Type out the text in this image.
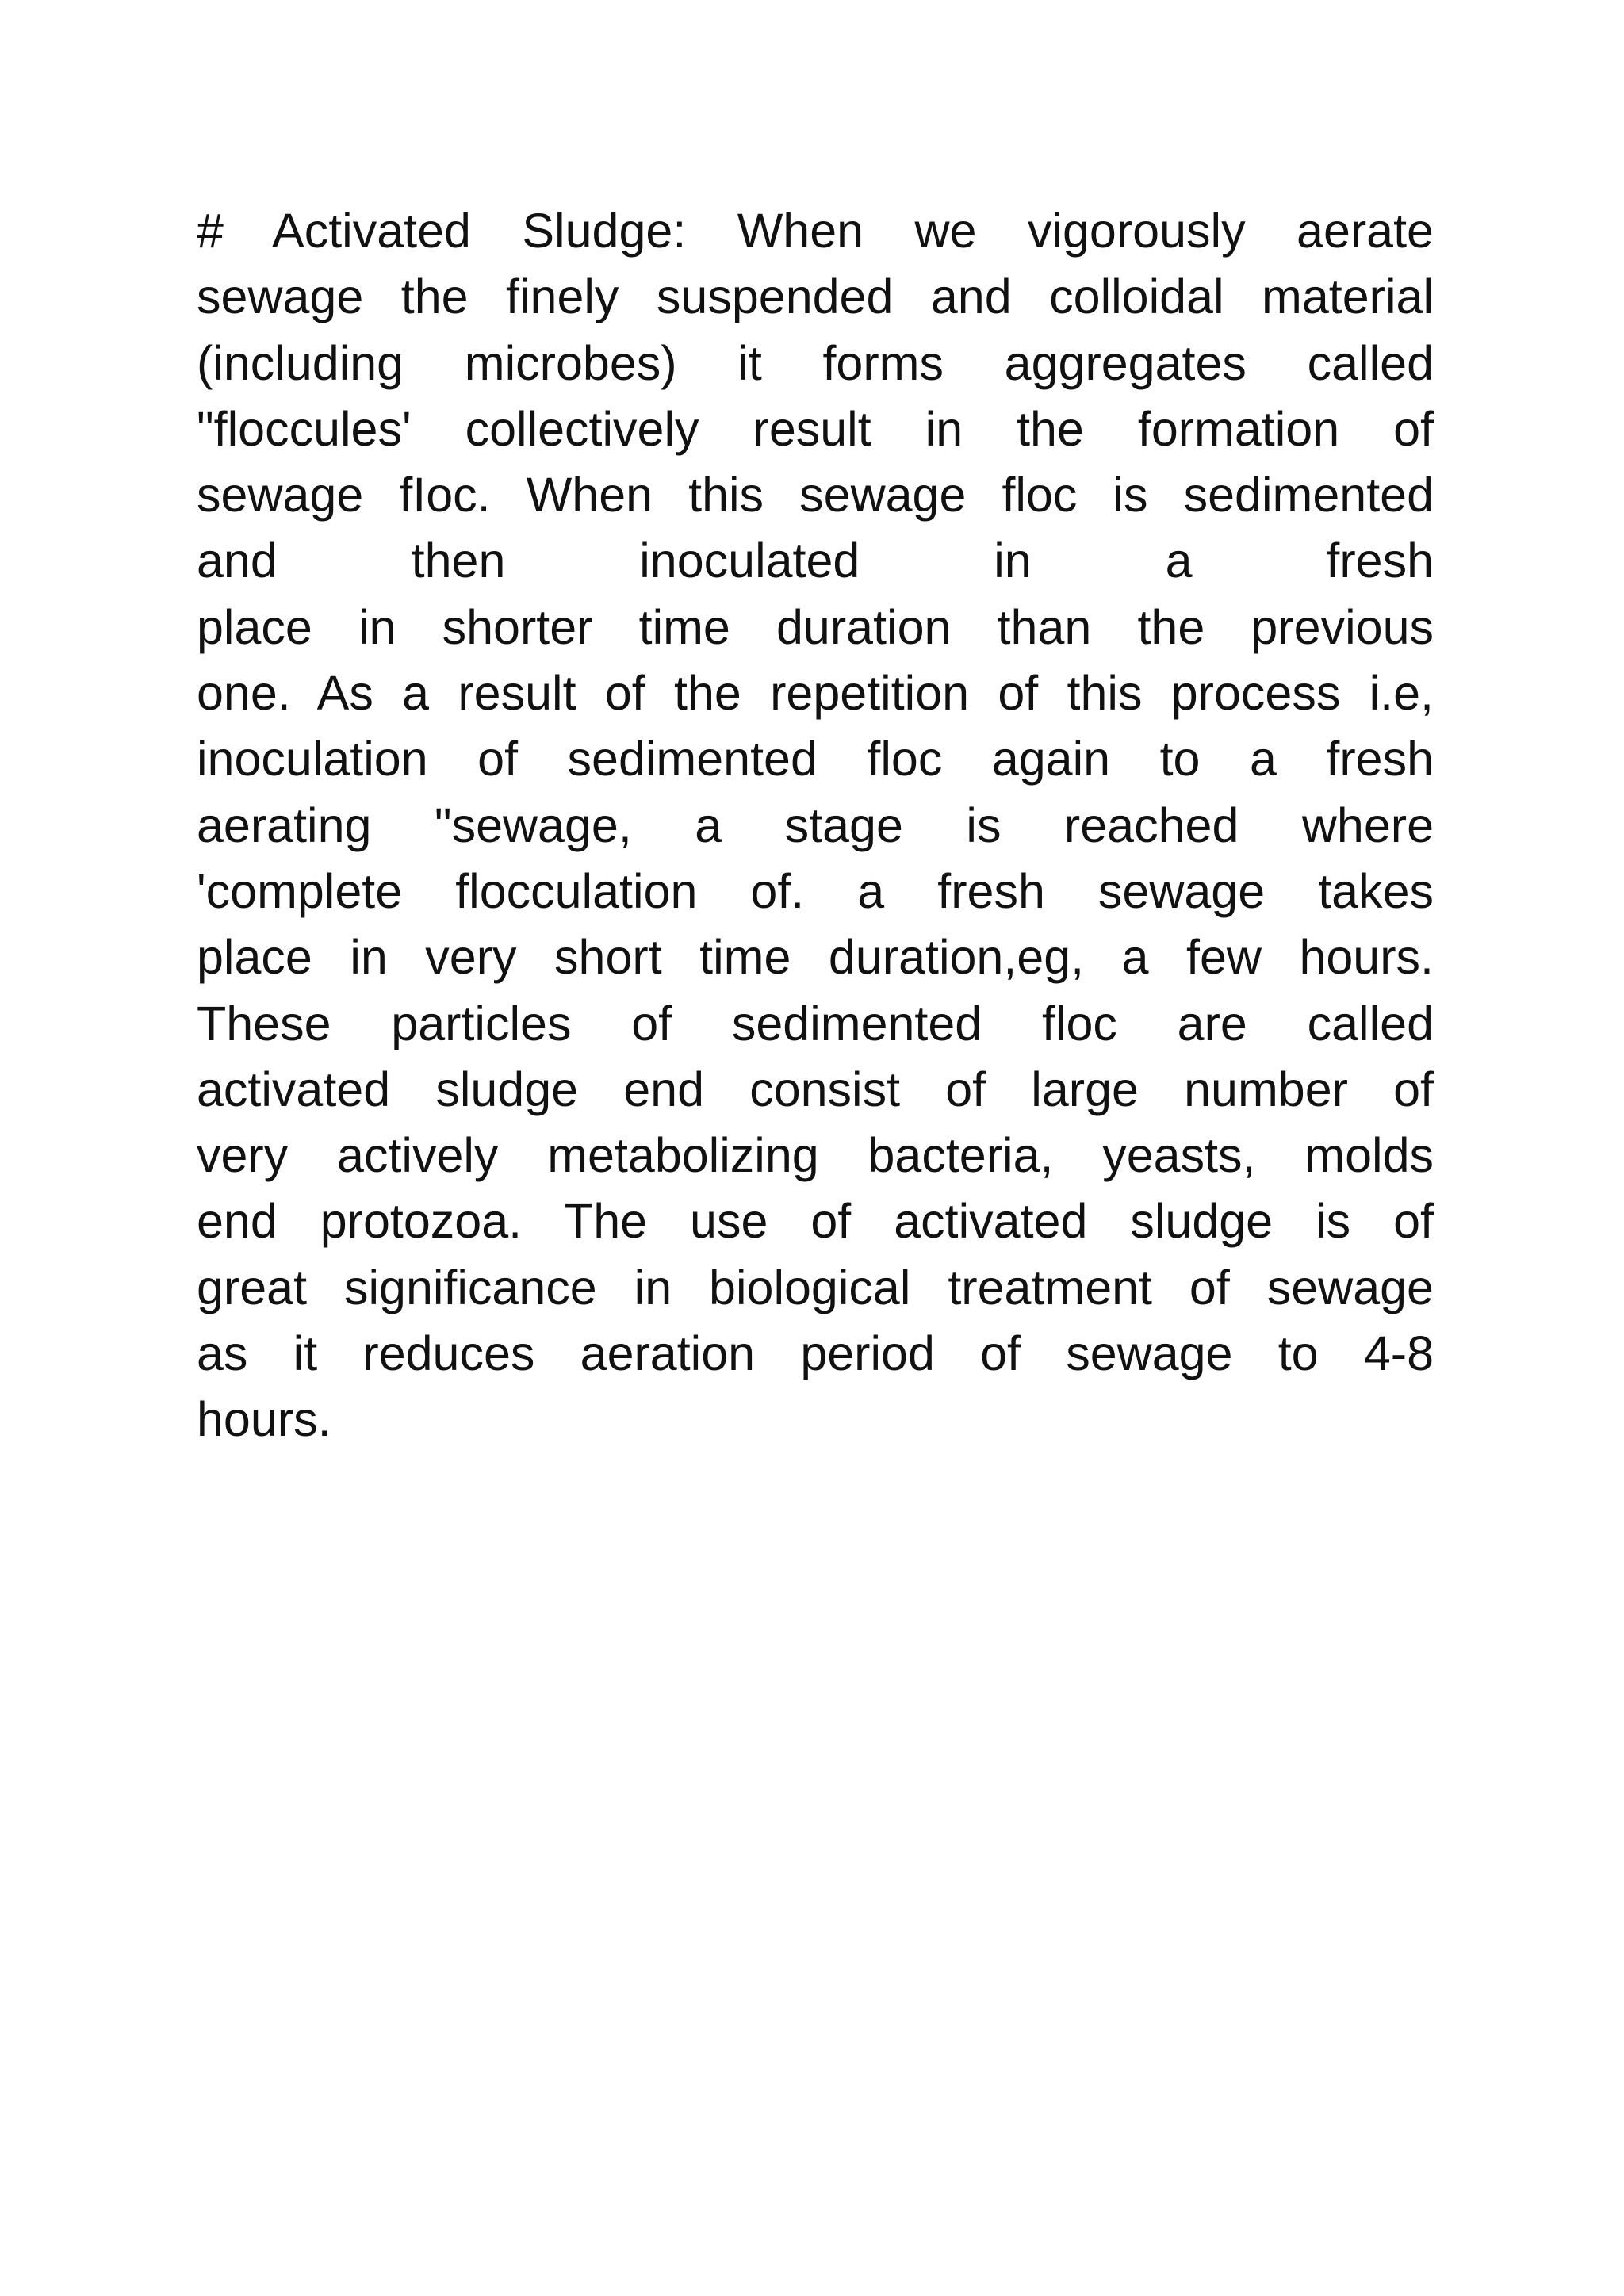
# Activated Sludge: When we vigorously aerate
sewage the finely suspended and colloidal material
(including microbes) it forms aggregates called
"floccules' collectively result in the formation of
sewage fIoc. When this sewage floc is sedimented
and then inoculated in a fresh
place in shorter time duration than the previous
one. As a result of the repetition of this process i.e,
inoculation of sedimented floc again to a fresh
aerating "sewage, a stage is reached where
'complete flocculation of. a fresh sewage takes
place in very short time duration,eg, a few hours.
These particles of sedimented floc are called
activated sludge end consist of large number of
very actively metabolizing bacteria, yeasts, molds
end protozoa. The use of activated sludge is of
great significance in biological treatment of sewage
as it reduces aeration period of sewage to 4-8
hours.
